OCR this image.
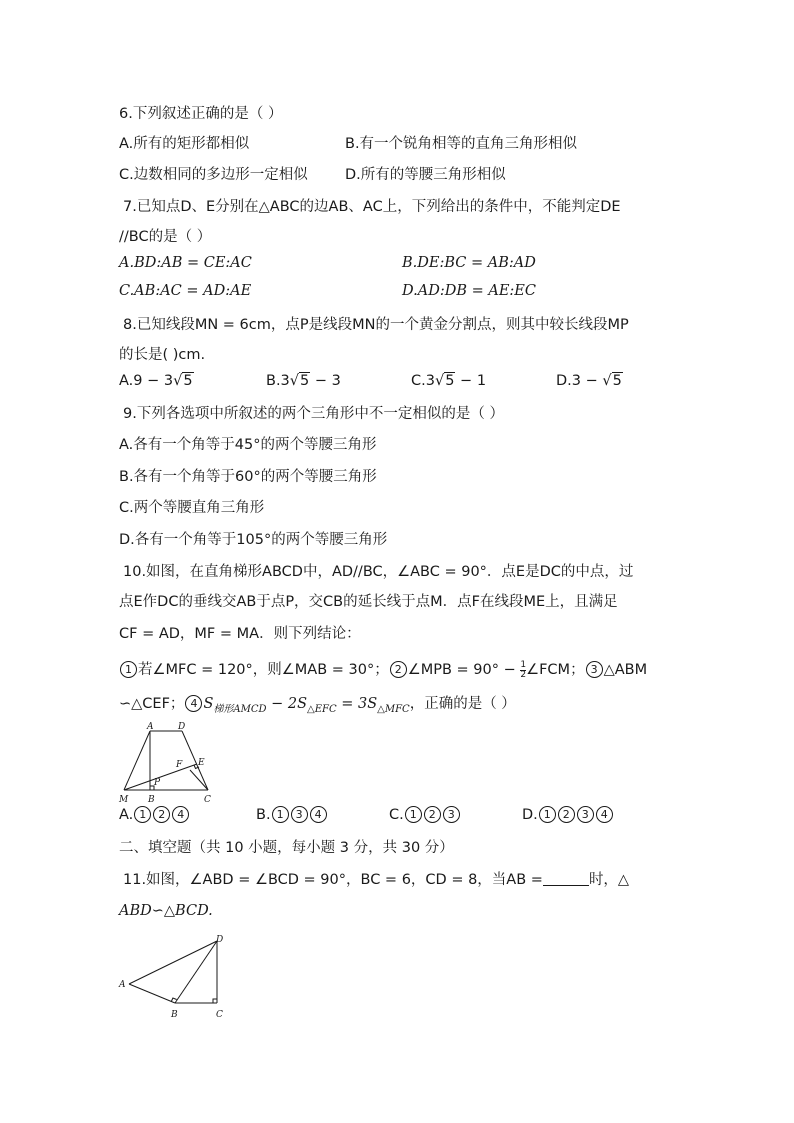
6.下列叙述正确的是（ ）
A.所有的矩形都相似	B.有一个锐角相等的直角三角形相似
C.边数相同的多边形一定相似	D.所有的等腰三角形相似
7.已知点D、E分别在△ABC的边AB、AC上，下列给出的条件中，不能判定DE
//BC的是（ ）
A.BD:AB = CE:AC	B.DE:BC = AB:AD
C.AB:AC = AD:AE	D.AD:DB = AE:EC
8.已知线段MN = 6cm，点P是线段MN的一个黄金分割点，则其中较长线段MP
的长是( )cm.
A.9 − 3√5	B.3√5 − 3	C.3√5 − 1	D.3 − √5
9.下列各选项中所叙述的两个三角形中不一定相似的是（ ）
A.各有一个角等于45°的两个等腰三角形
B.各有一个角等于60°的两个等腰三角形
C.两个等腰直角三角形
D.各有一个角等于105°的两个等腰三角形
10.如图，在直角梯形ABCD中，AD//BC，∠ABC = 90°．点E是DC的中点，过
点E作DC的垂线交AB于点P，交CB的延长线于点M．点F在线段ME上，且满足
CF = AD，MF = MA．则下列结论：
1 若∠MFC = 120°，则∠MAB = 30°； 2 ∠MPB = $90^\circ - \frac{1}{2}$ ∠FCM； 3 △ABM
∽△CEF； 4 $S_{梯形AMCD} - 2S_{\triangle EFC} = 3S_{\triangle MFC}$，正确的是（ ）
A	D
E
F
P
M B	C
A. 1 2 4	B. 1 3 4	C. 1 2 3	D. 1 2 3 4
二、填空题（共 10 小题，每小题 3 分，共 30 分）
11.如图，∠ABD = ∠BCD = 90°，BC = 6，CD = 8，当AB =	时，△
ABD∽△BCD.
A
B	C
D
